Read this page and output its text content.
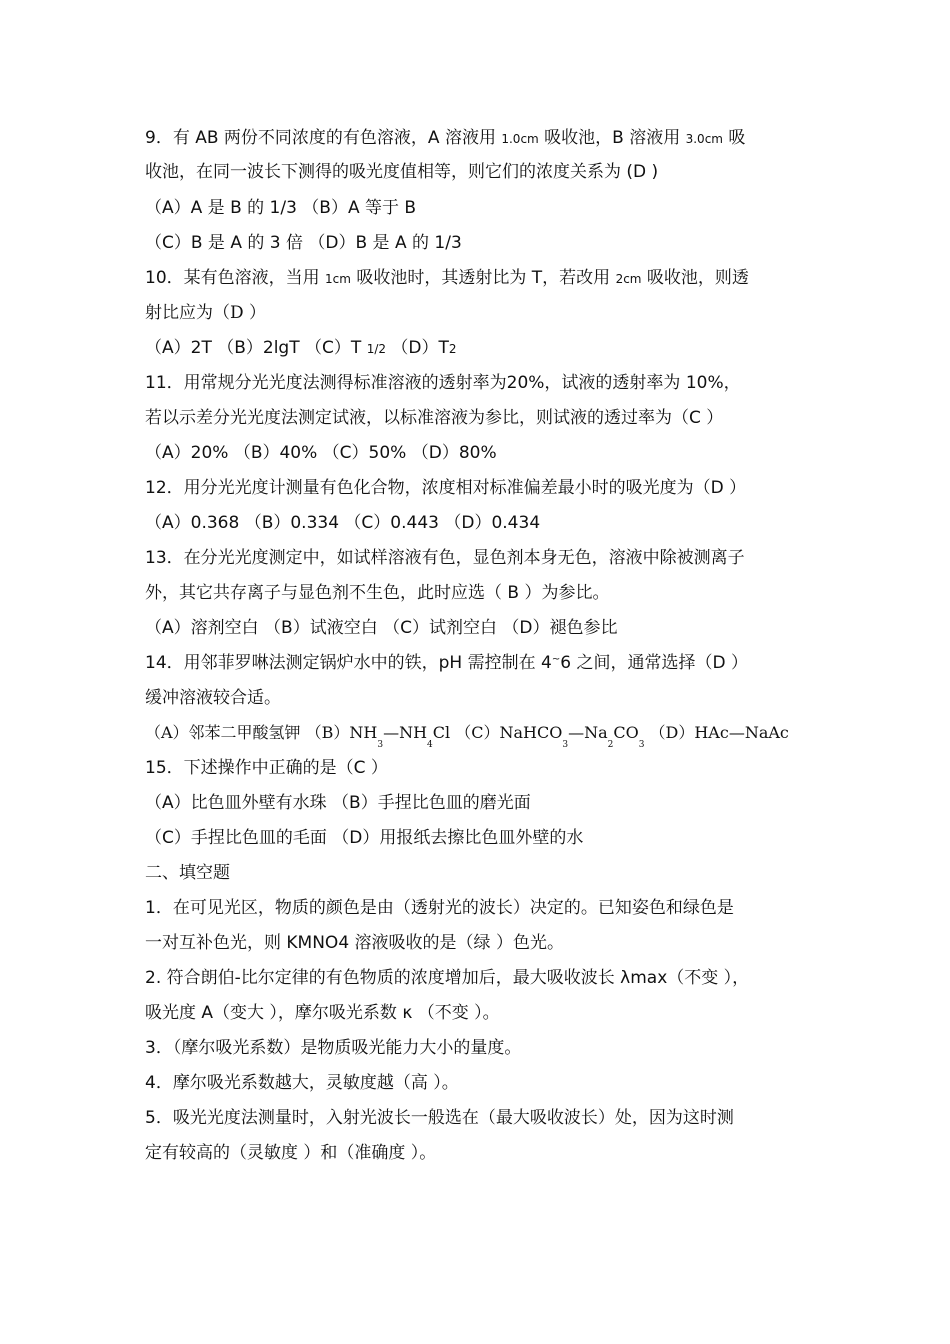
9．有 AB 两份不同浓度的有色溶液，A 溶液用 1.0cm 吸收池，B 溶液用 3.0cm 吸
收池，在同一波长下测得的吸光度值相等，则它们的浓度关系为 (D )
（A）A 是 B 的 1/3 （B）A 等于 B
（C）B 是 A 的 3 倍 （D）B 是 A 的 1/3
10．某有色溶液，当用 1cm 吸收池时，其透射比为 T，若改用 2cm 吸收池，则透
射比应为（D ）
（A）2T （B）2lgT （C）T 1/2 （D）T2
11．用常规分光光度法测得标准溶液的透射率为20%，试液的透射率为 10%，
若以示差分光光度法测定试液，以标准溶液为参比，则试液的透过率为（C ）
（A）20% （B）40% （C）50% （D）80%
12．用分光光度计测量有色化合物，浓度相对标准偏差最小时的吸光度为（D ）
（A）0.368 （B）0.334 （C）0.443 （D）0.434
13．在分光光度测定中，如试样溶液有色，显色剂本身无色，溶液中除被测离子
外，其它共存离子与显色剂不生色，此时应选（ B ）为参比。
（A）溶剂空白 （B）试液空白 （C）试剂空白 （D）褪色参比
14．用邻菲罗啉法测定锅炉水中的铁，pH 需控制在 4~6 之间，通常选择（D ）
缓冲溶液较合适。
（A）邻苯二甲酸氢钾 $(B)NH_3—NH_4Cl$ $(C)NaHCO_3—Na_2CO_3$ （D）HAc—NaAc
15．下述操作中正确的是（C ）
（A）比色皿外壁有水珠 （B）手捏比色皿的磨光面
（C）手捏比色皿的毛面 （D）用报纸去擦比色皿外壁的水
二、填空题
1．在可见光区，物质的颜色是由（透射光的波长）决定的。已知姿色和绿色是
一对互补色光，则 KMNO4 溶液吸收的是（绿 ）色光。
2. 符合朗伯-比尔定律的有色物质的浓度增加后，最大吸收波长 λmax（不变 ），
吸光度 A（变大 ），摩尔吸光系数 κ （不变 ）。
3．（摩尔吸光系数）是物质吸光能力大小的量度。
4．摩尔吸光系数越大，灵敏度越（高 ）。
5．吸光光度法测量时，入射光波长一般选在（最大吸收波长）处，因为这时测
定有较高的（灵敏度 ）和（准确度 ）。
